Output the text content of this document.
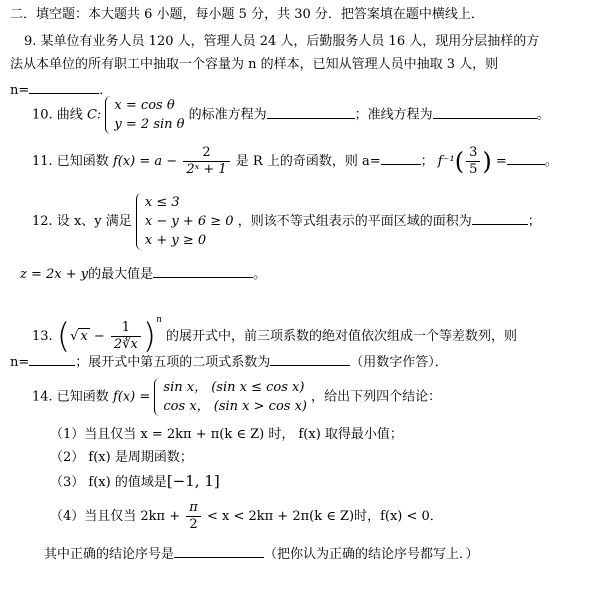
二．填空题：本大题共 6 小题，每小题 5 分，共 30 分．把答案填在题中横线上．
9. 某单位有业务人员 120 人，管理人员 24 人，后勤服务人员 16 人，现用分层抽样的方
法从本单位的所有职工中抽取一个容量为 n 的样本，已知从管理人员中抽取 3 人，则
n=	．
10. 曲线 C:
x = cos θ
y = 2 sin θ
的标准方程为	；准线方程为	。
11. 已知函数 $f(x) = a - \frac{2}{\text{2ˣ + 1}}$ 是 R 上的奇函数，则 a=	； $f^{-1}( \frac{3}{5}$ ) =	。
12. 设 x、y 满足
x ≤ 3
x − y + 6 ≥ 0
x + y ≥ 0
，则该不等式组表示的平面区域的面积为	；
z = 2x + y的最大值是	。
13. (√ $x - \frac{1}{2∛x} )^n$ 的展开式中，前三项系数的绝对值依次组成一个等差数列，则
n=	；展开式中第五项的二项式系数为	（用数字作答）．
14. 已知函数 f(x) =
sin x， (sin x ≤ cos x)
cos x， (sin x > cos x)
，给出下列四个结论：
（1）当且仅当 x = 2kπ + π(k ∈ Z) 时， f(x) 取得最小值；
（2） f(x) 是周期函数；
（3） f(x) 的值域是[−1, 1]
（4）当且仅当 $2k\pi + \frac{\pi}{2} < x < 2k\pi + 2\pi(k$ ∈ Z)时，f(x) < 0．
其中正确的结论序号是	（把你认为正确的结论序号都写上．）
